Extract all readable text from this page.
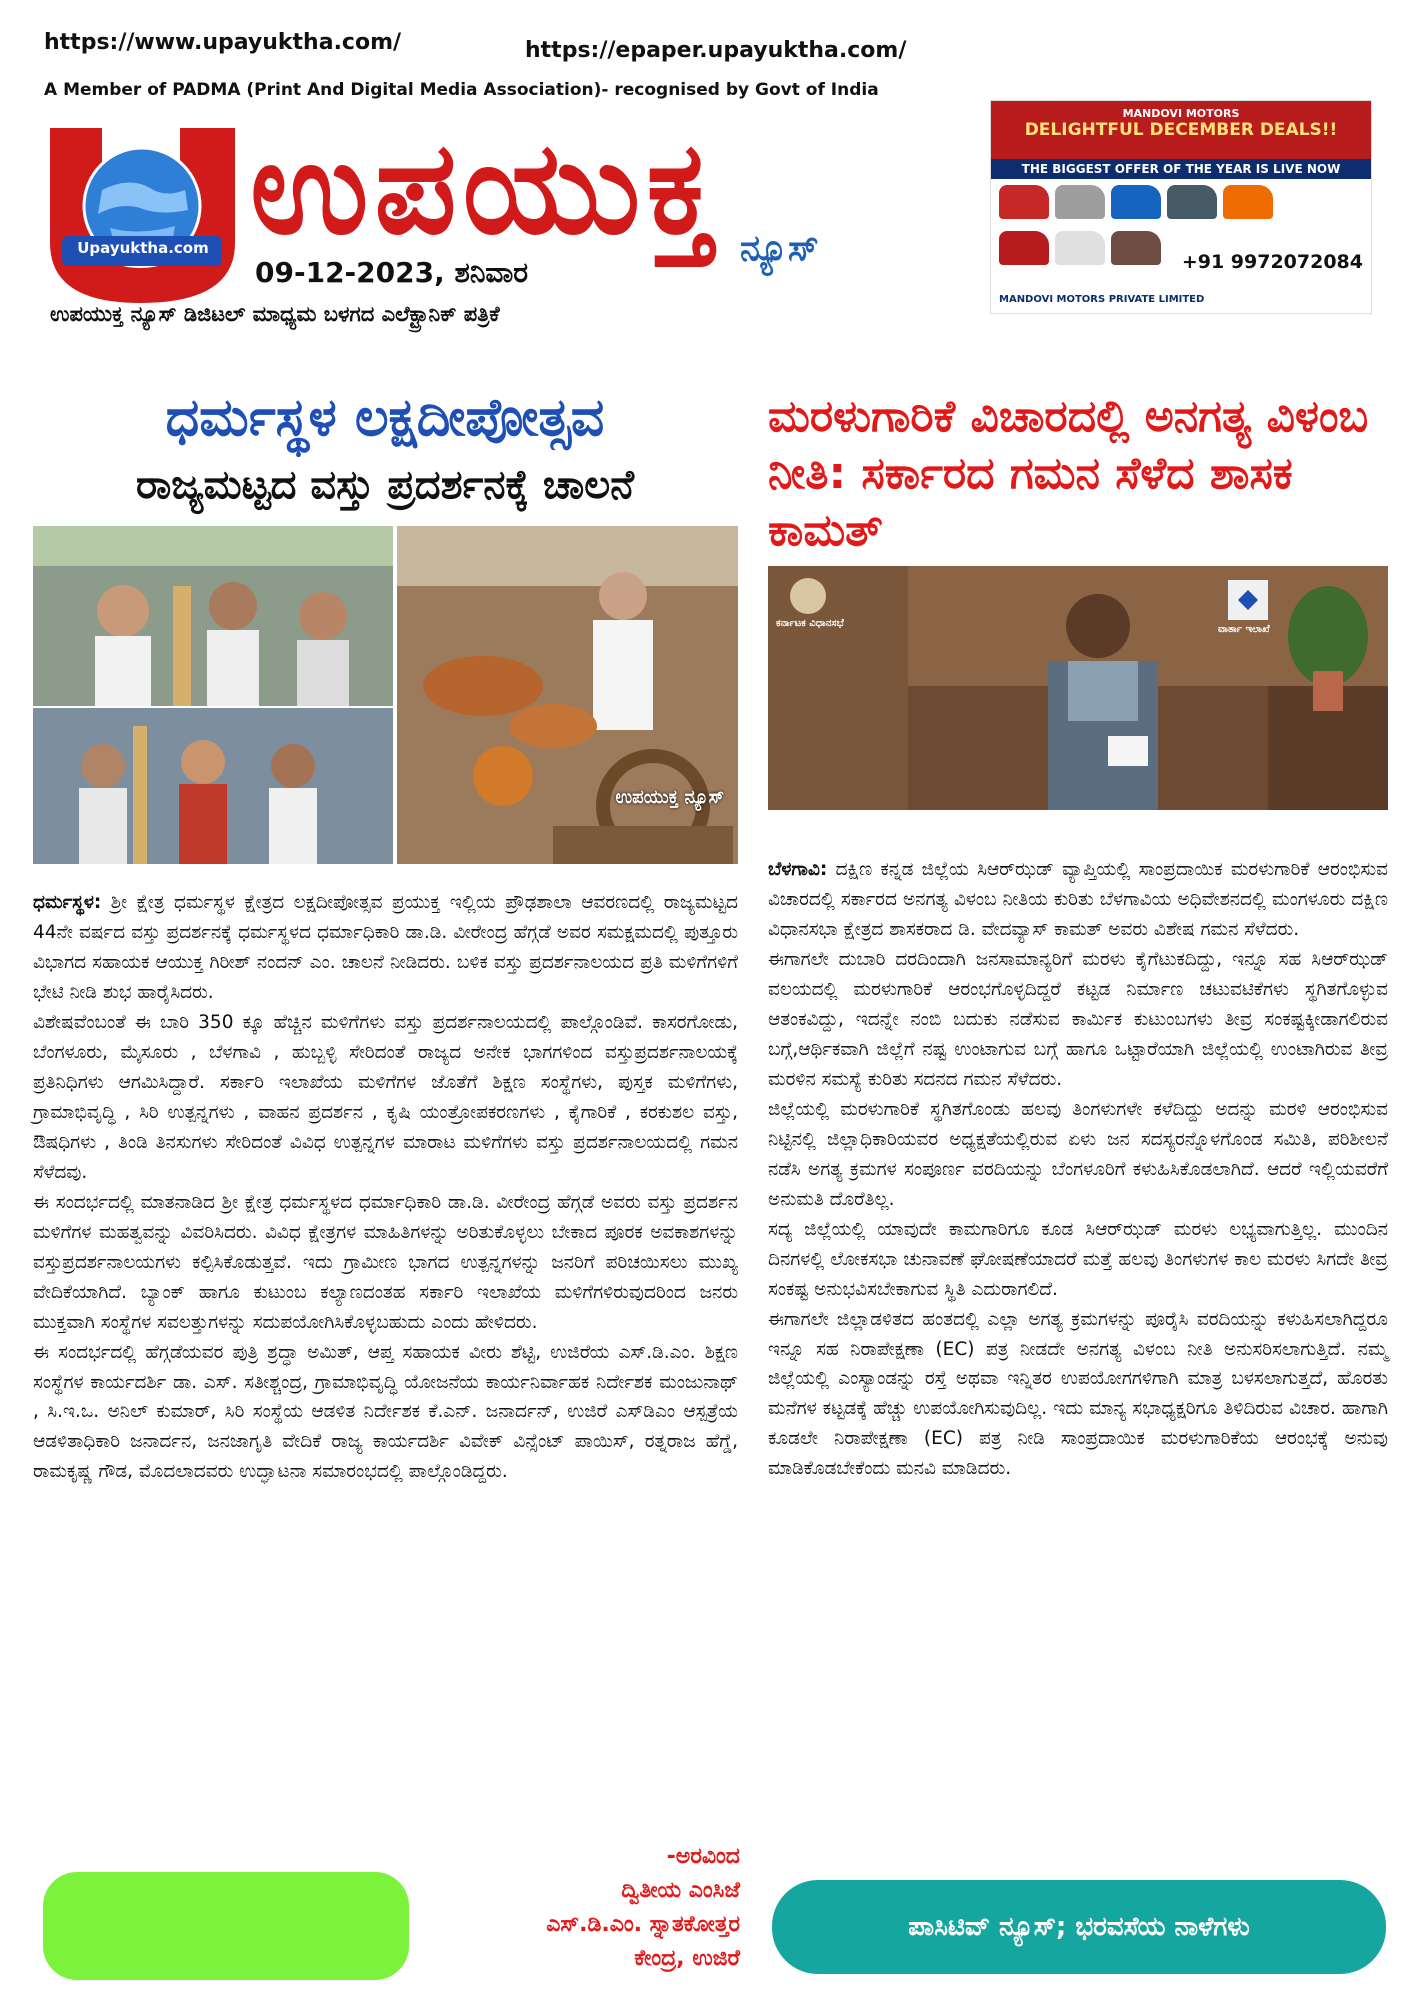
https://www.upayuktha.com/	https://epaper.upayuktha.com/
A Member of PADMA (Print And Digital Media Association)- recognised by Govt of India
Upayuktha.com ಉಪಯುಕ್ತ ನ್ಯೂಸ್
09-12-2023, ಶನಿವಾರ
ಉಪಯುಕ್ತ ನ್ಯೂಸ್ ಡಿಜಿಟಲ್ ಮಾಧ್ಯಮ ಬಳಗದ ಎಲೆಕ್ಟ್ರಾನಿಕ್ ಪತ್ರಿಕೆ
MANDOVI MOTORS
DELIGHTFUL DECEMBER DEALS!!
THE BIGGEST OFFER OF THE YEAR IS LIVE NOW
+91 9972072084
MANDOVI MOTORS PRIVATE LIMITED
ಧರ್ಮಸ್ಥಳ ಲಕ್ಷದೀಪೋತ್ಸವ
ರಾಜ್ಯಮಟ್ಟದ ವಸ್ತು ಪ್ರದರ್ಶನಕ್ಕೆ ಚಾಲನೆ
ಉಪಯುಕ್ತ ನ್ಯೂಸ್

ಧರ್ಮಸ್ಥಳ: ಶ್ರೀ ಕ್ಷೇತ್ರ ಧರ್ಮಸ್ಥಳ ಕ್ಷೇತ್ರದ ಲಕ್ಷದೀಪೋತ್ಸವ ಪ್ರಯುಕ್ತ ಇಲ್ಲಿಯ ಪ್ರೌಢಶಾಲಾ ಆವರಣದಲ್ಲಿ ರಾಜ್ಯಮಟ್ಟದ 44ನೇ ವರ್ಷದ ವಸ್ತು ಪ್ರದರ್ಶನಕ್ಕೆ ಧರ್ಮಸ್ಥಳದ ಧರ್ಮಾಧಿಕಾರಿ ಡಾ.ಡಿ. ವೀರೇಂದ್ರ ಹೆಗ್ಗಡೆ ಅವರ ಸಮಕ್ಷಮದಲ್ಲಿ ಪುತ್ತೂರು ವಿಭಾಗದ ಸಹಾಯಕ ಆಯುಕ್ತ ಗಿರೀಶ್ ನಂದನ್ ಎಂ. ಚಾಲನೆ ನೀಡಿದರು. ಬಳಿಕ ವಸ್ತು ಪ್ರದರ್ಶನಾಲಯದ ಪ್ರತಿ ಮಳಿಗೆಗಳಿಗೆ ಭೇಟಿ ನೀಡಿ ಶುಭ ಹಾರೈಸಿದರು.

ವಿಶೇಷವೆಂಬಂತೆ ಈ ಬಾರಿ 350 ಕ್ಕೂ ಹೆಚ್ಚಿನ ಮಳಿಗೆಗಳು ವಸ್ತು ಪ್ರದರ್ಶನಾಲಯದಲ್ಲಿ ಪಾಲ್ಗೊಂಡಿವೆ. ಕಾಸರಗೋಡು, ಬೆಂಗಳೂರು, ಮೈಸೂರು , ಬೆಳಗಾವಿ , ಹುಬ್ಬಳ್ಳಿ ಸೇರಿದಂತೆ ರಾಜ್ಯದ ಅನೇಕ ಭಾಗಗಳಿಂದ ವಸ್ತುಪ್ರದರ್ಶನಾಲಯಕ್ಕೆ ಪ್ರತಿನಿಧಿಗಳು ಆಗಮಿಸಿದ್ದಾರೆ. ಸರ್ಕಾರಿ ಇಲಾಖೆಯ ಮಳಿಗೆಗಳ ಜೊತೆಗೆ ಶಿಕ್ಷಣ ಸಂಸ್ಥೆಗಳು, ಪುಸ್ತಕ ಮಳಿಗೆಗಳು, ಗ್ರಾಮಾಭಿವೃದ್ಧಿ , ಸಿರಿ ಉತ್ಪನ್ನಗಳು , ವಾಹನ ಪ್ರದರ್ಶನ , ಕೃಷಿ ಯಂತ್ರೋಪಕರಣಗಳು , ಕೈಗಾರಿಕೆ , ಕರಕುಶಲ ವಸ್ತು, ಔಷಧಿಗಳು , ತಿಂಡಿ ತಿನಸುಗಳು ಸೇರಿದಂತೆ ವಿವಿಧ ಉತ್ಪನ್ನಗಳ ಮಾರಾಟ ಮಳಿಗೆಗಳು ವಸ್ತು ಪ್ರದರ್ಶನಾಲಯದಲ್ಲಿ ಗಮನ ಸೆಳೆದವು.

ಈ ಸಂದರ್ಭದಲ್ಲಿ ಮಾತನಾಡಿದ ಶ್ರೀ ಕ್ಷೇತ್ರ ಧರ್ಮಸ್ಥಳದ ಧರ್ಮಾಧಿಕಾರಿ ಡಾ.ಡಿ. ವೀರೇಂದ್ರ ಹೆಗ್ಗಡೆ ಅವರು ವಸ್ತು ಪ್ರದರ್ಶನ ಮಳಿಗೆಗಳ ಮಹತ್ವವನ್ನು ವಿವರಿಸಿದರು. ವಿವಿಧ ಕ್ಷೇತ್ರಗಳ ಮಾಹಿತಿಗಳನ್ನು ಅರಿತುಕೊಳ್ಳಲು ಬೇಕಾದ ಪೂರಕ ಅವಕಾಶಗಳನ್ನು ವಸ್ತುಪ್ರದರ್ಶನಾಲಯಗಳು ಕಲ್ಪಿಸಿಕೊಡುತ್ತವೆ. ಇದು ಗ್ರಾಮೀಣ ಭಾಗದ ಉತ್ಪನ್ನಗಳನ್ನು ಜನರಿಗೆ ಪರಿಚಯಿಸಲು ಮುಖ್ಯ ವೇದಿಕೆಯಾಗಿದೆ. ಬ್ಯಾಂಕ್ ಹಾಗೂ ಕುಟುಂಬ ಕಲ್ಯಾಣದಂತಹ ಸರ್ಕಾರಿ ಇಲಾಖೆಯ ಮಳಿಗೆಗಳಿರುವುದರಿಂದ ಜನರು ಮುಕ್ತವಾಗಿ ಸಂಸ್ಥೆಗಳ ಸವಲತ್ತುಗಳನ್ನು ಸದುಪಯೋಗಿಸಿಕೊಳ್ಳಬಹುದು ಎಂದು ಹೇಳಿದರು.

ಈ ಸಂದರ್ಭದಲ್ಲಿ ಹೆಗ್ಗಡೆಯವರ ಪುತ್ರಿ ಶ್ರದ್ಧಾ ಅಮಿತ್, ಆಪ್ತ ಸಹಾಯಕ ವೀರು ಶೆಟ್ಟಿ, ಉಜಿರೆಯ ಎಸ್.ಡಿ.ಎಂ. ಶಿಕ್ಷಣ ಸಂಸ್ಥೆಗಳ ಕಾರ್ಯದರ್ಶಿ ಡಾ. ಎಸ್. ಸತೀಶ್ಚಂದ್ರ, ಗ್ರಾಮಾಭಿವೃದ್ಧಿ ಯೋಜನೆಯ ಕಾರ್ಯನಿರ್ವಾಹಕ ನಿರ್ದೇಶಕ ಮಂಜುನಾಥ್ , ಸಿ.ಇ.ಒ. ಅನಿಲ್ ಕುಮಾರ್, ಸಿರಿ ಸಂಸ್ಥೆಯ ಆಡಳಿತ ನಿರ್ದೇಶಕ ಕೆ.ಎನ್. ಜನಾರ್ದನ್, ಉಜಿರೆ ಎಸ್‌ಡಿಎಂ ಆಸ್ಪತ್ರೆಯ ಆಡಳಿತಾಧಿಕಾರಿ ಜನಾರ್ದನ, ಜನಜಾಗೃತಿ ವೇದಿಕೆ ರಾಜ್ಯ ಕಾರ್ಯದರ್ಶಿ ವಿವೇಕ್ ವಿನ್ಸೆಂಟ್ ಪಾಯಿಸ್, ರತ್ನರಾಜ ಹೆಗ್ಡೆ, ರಾಮಕೃಷ್ಣ ಗೌಡ, ಮೊದಲಾದವರು ಉದ್ಘಾಟನಾ ಸಮಾರಂಭದಲ್ಲಿ ಪಾಲ್ಗೊಂಡಿದ್ದರು.

-ಅರವಿಂದ
ದ್ವಿತೀಯ ಎಂಸಿಜೆ
ಎಸ್.ಡಿ.ಎಂ. ಸ್ನಾತಕೋತ್ತರ
ಕೇಂದ್ರ, ಉಜಿರೆ
ಮರಳುಗಾರಿಕೆ ವಿಚಾರದಲ್ಲಿ ಅನಗತ್ಯ ವಿಳಂಬ ನೀತಿ: ಸರ್ಕಾರದ ಗಮನ ಸೆಳೆದ ಶಾಸಕ ಕಾಮತ್
ಕರ್ನಾಟಕ ವಿಧಾನಸಭೆ
ವಾರ್ತಾ ಇಲಾಖೆ

ಬೆಳಗಾವಿ: ದಕ್ಷಿಣ ಕನ್ನಡ ಜಿಲ್ಲೆಯ ಸಿಆರ್‌ಝಡ್ ವ್ಯಾಪ್ತಿಯಲ್ಲಿ ಸಾಂಪ್ರದಾಯಿಕ ಮರಳುಗಾರಿಕೆ ಆರಂಭಿಸುವ ವಿಚಾರದಲ್ಲಿ ಸರ್ಕಾರದ ಅನಗತ್ಯ ವಿಳಂಬ ನೀತಿಯ ಕುರಿತು ಬೆಳಗಾವಿಯ ಅಧಿವೇಶನದಲ್ಲಿ ಮಂಗಳೂರು ದಕ್ಷಿಣ ವಿಧಾನಸಭಾ ಕ್ಷೇತ್ರದ ಶಾಸಕರಾದ ಡಿ. ವೇದವ್ಯಾಸ್ ಕಾಮತ್ ಅವರು ವಿಶೇಷ ಗಮನ ಸೆಳೆದರು.

ಈಗಾಗಲೇ ದುಬಾರಿ ದರದಿಂದಾಗಿ ಜನಸಾಮಾನ್ಯರಿಗೆ ಮರಳು ಕೈಗೆಟುಕದಿದ್ದು, ಇನ್ನೂ ಸಹ ಸಿಆರ್‌ಝಡ್ ವಲಯದಲ್ಲಿ ಮರಳುಗಾರಿಕೆ ಆರಂಭಗೊಳ್ಳದಿದ್ದರೆ ಕಟ್ಟಡ ನಿರ್ಮಾಣ ಚಟುವಟಿಕೆಗಳು ಸ್ಥಗಿತಗೊಳ್ಳುವ ಆತಂಕವಿದ್ದು, ಇದನ್ನೇ ನಂಬಿ ಬದುಕು ನಡೆಸುವ ಕಾರ್ಮಿಕ ಕುಟುಂಬಗಳು ತೀವ್ರ ಸಂಕಷ್ಟಕ್ಕೀಡಾಗಲಿರುವ ಬಗ್ಗೆ,ಆರ್ಥಿಕವಾಗಿ ಜಿಲ್ಲೆಗೆ ನಷ್ಟ ಉಂಟಾಗುವ ಬಗ್ಗೆ ಹಾಗೂ ಒಟ್ಟಾರೆಯಾಗಿ ಜಿಲ್ಲೆಯಲ್ಲಿ ಉಂಟಾಗಿರುವ ತೀವ್ರ ಮರಳಿನ ಸಮಸ್ಯೆ ಕುರಿತು ಸದನದ ಗಮನ ಸೆಳೆದರು.

ಜಿಲ್ಲೆಯಲ್ಲಿ ಮರಳುಗಾರಿಕೆ ಸ್ಥಗಿತಗೊಂಡು ಹಲವು ತಿಂಗಳುಗಳೇ ಕಳೆದಿದ್ದು ಅದನ್ನು ಮರಳಿ ಆರಂಭಿಸುವ ನಿಟ್ಟಿನಲ್ಲಿ ಜಿಲ್ಲಾಧಿಕಾರಿಯವರ ಅಧ್ಯಕ್ಷತೆಯಲ್ಲಿರುವ ಏಳು ಜನ ಸದಸ್ಯರನ್ನೊಳಗೊಂಡ ಸಮಿತಿ, ಪರಿಶೀಲನೆ ನಡೆಸಿ ಅಗತ್ಯ ಕ್ರಮಗಳ ಸಂಪೂರ್ಣ ವರದಿಯನ್ನು ಬೆಂಗಳೂರಿಗೆ ಕಳುಹಿಸಿಕೊಡಲಾಗಿದೆ. ಆದರೆ ಇಲ್ಲಿಯವರೆಗೆ ಅನುಮತಿ ದೊರೆತಿಲ್ಲ.

ಸದ್ಯ ಜಿಲ್ಲೆಯಲ್ಲಿ ಯಾವುದೇ ಕಾಮಗಾರಿಗೂ ಕೂಡ ಸಿಆರ್‌ಝಡ್ ಮರಳು ಲಭ್ಯವಾಗುತ್ತಿಲ್ಲ. ಮುಂದಿನ ದಿನಗಳಲ್ಲಿ ಲೋಕಸಭಾ ಚುನಾವಣೆ ಘೋಷಣೆಯಾದರೆ ಮತ್ತೆ ಹಲವು ತಿಂಗಳುಗಳ ಕಾಲ ಮರಳು ಸಿಗದೇ ತೀವ್ರ ಸಂಕಷ್ಟ ಅನುಭವಿಸಬೇಕಾಗುವ ಸ್ಥಿತಿ ಎದುರಾಗಲಿದೆ.

ಈಗಾಗಲೇ ಜಿಲ್ಲಾಡಳಿತದ ಹಂತದಲ್ಲಿ ಎಲ್ಲಾ ಅಗತ್ಯ ಕ್ರಮಗಳನ್ನು ಪೂರೈಸಿ ವರದಿಯನ್ನು ಕಳುಹಿಸಲಾಗಿದ್ದರೂ ಇನ್ನೂ ಸಹ ನಿರಾಪೇಕ್ಷಣಾ (EC) ಪತ್ರ ನೀಡದೇ ಅನಗತ್ಯ ವಿಳಂಬ ನೀತಿ ಅನುಸರಿಸಲಾಗುತ್ತಿದೆ. ನಮ್ಮ ಜಿಲ್ಲೆಯಲ್ಲಿ ಎಂಸ್ಯಾಂಡನ್ನು ರಸ್ತೆ ಅಥವಾ ಇನ್ನಿತರ ಉಪಯೋಗಗಳಿಗಾಗಿ ಮಾತ್ರ ಬಳಸಲಾಗುತ್ತದೆ, ಹೊರತು ಮನೆಗಳ ಕಟ್ಟಡಕ್ಕೆ ಹೆಚ್ಚು ಉಪಯೋಗಿಸುವುದಿಲ್ಲ. ಇದು ಮಾನ್ಯ ಸಭಾಧ್ಯಕ್ಷರಿಗೂ ತಿಳಿದಿರುವ ವಿಚಾರ. ಹಾಗಾಗಿ ಕೂಡಲೇ ನಿರಾಪೇಕ್ಷಣಾ (EC) ಪತ್ರ ನೀಡಿ ಸಾಂಪ್ರದಾಯಿಕ ಮರಳುಗಾರಿಕೆಯ ಆರಂಭಕ್ಕೆ ಅನುವು ಮಾಡಿಕೊಡಬೇಕೆಂದು ಮನವಿ ಮಾಡಿದರು.

ಪಾಸಿಟಿವ್ ನ್ಯೂಸ್; ಭರವಸೆಯ ನಾಳೆಗಳು
